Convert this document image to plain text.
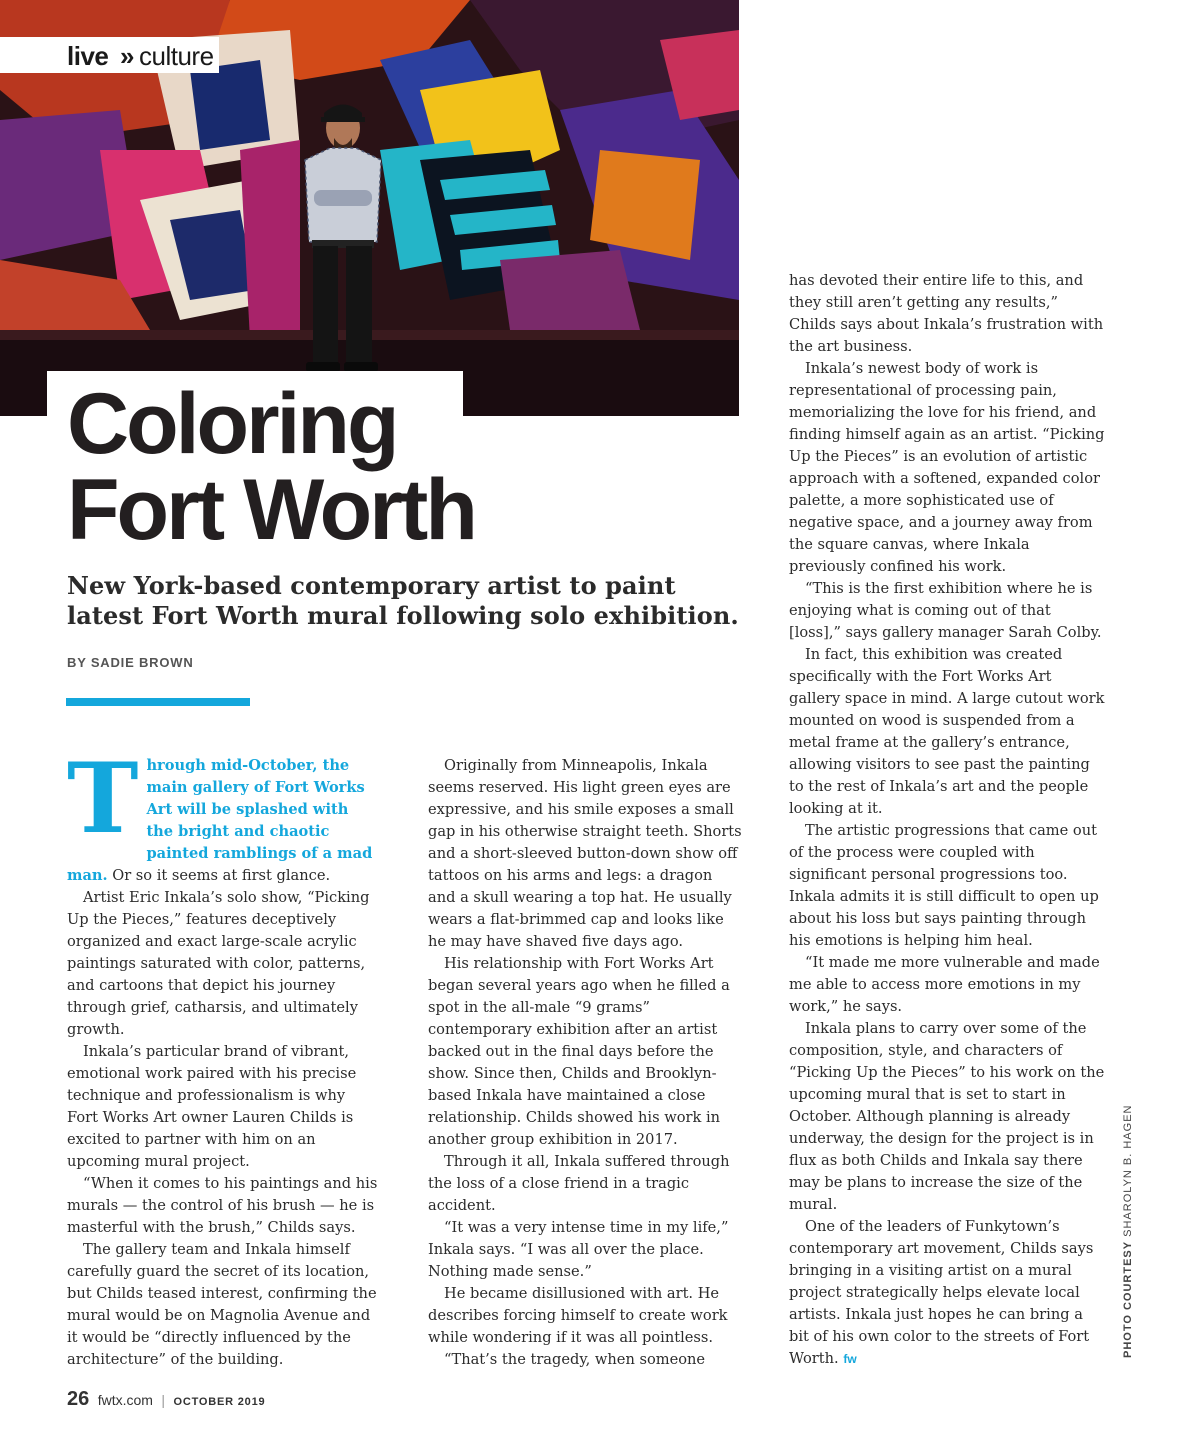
live » culture
Coloring
Fort Worth

New York-based contemporary artist to paint latest Fort Worth mural following solo exhibition.

BY SADIE BROWN

Through mid-October, the main gallery of Fort Works Art will be splashed with the bright and chaotic painted ramblings of a mad man. Or so it seems at first glance.

Artist Eric Inkala’s solo show, “Picking Up the Pieces,” features deceptively organized and exact large-scale acrylic paintings saturated with color, patterns, and cartoons that depict his journey through grief, catharsis, and ultimately growth.

Inkala’s particular brand of vibrant, emotional work paired with his precise technique and professionalism is why Fort Works Art owner Lauren Childs is excited to partner with him on an upcoming mural project.

“When it comes to his paintings and his murals — the control of his brush — he is masterful with the brush,” Childs says.

The gallery team and Inkala himself carefully guard the secret of its location, but Childs teased interest, confirming the mural would be on Magnolia Avenue and it would be “directly influenced by the architecture” of the building.

Originally from Minneapolis, Inkala seems reserved. His light green eyes are expressive, and his smile exposes a small gap in his otherwise straight teeth. Shorts and a short-sleeved button-down show off tattoos on his arms and legs: a dragon and a skull wearing a top hat. He usually wears a flat-brimmed cap and looks like he may have shaved five days ago.

His relationship with Fort Works Art began several years ago when he filled a spot in the all-male “9 grams” contemporary exhibition after an artist backed out in the final days before the show. Since then, Childs and Brooklyn-based Inkala have maintained a close relationship. Childs showed his work in another group exhibition in 2017.

Through it all, Inkala suffered through the loss of a close friend in a tragic accident.

“It was a very intense time in my life,” Inkala says. “I was all over the place. Nothing made sense.”

He became disillusioned with art. He describes forcing himself to create work while wondering if it was all pointless.

“That’s the tragedy, when someone

has devoted their entire life to this, and they still aren’t getting any results,” Childs says about Inkala’s frustration with the art business.

Inkala’s newest body of work is representational of processing pain, memorializing the love for his friend, and finding himself again as an artist. “Picking Up the Pieces” is an evolution of artistic approach with a softened, expanded color palette, a more sophisticated use of negative space, and a journey away from the square canvas, where Inkala previously confined his work.

“This is the first exhibition where he is enjoying what is coming out of that [loss],” says gallery manager Sarah Colby.

In fact, this exhibition was created specifically with the Fort Works Art gallery space in mind. A large cutout work mounted on wood is suspended from a metal frame at the gallery’s entrance, allowing visitors to see past the painting to the rest of Inkala’s art and the people looking at it.

The artistic progressions that came out of the process were coupled with significant personal progressions too. Inkala admits it is still difficult to open up about his loss but says painting through his emotions is helping him heal.

“It made me more vulnerable and made me able to access more emotions in my work,” he says.

Inkala plans to carry over some of the composition, style, and characters of “Picking Up the Pieces” to his work on the upcoming mural that is set to start in October. Although planning is already underway, the design for the project is in flux as both Childs and Inkala say there may be plans to increase the size of the mural.

One of the leaders of Funkytown’s contemporary art movement, Childs says bringing in a visiting artist on a mural project strategically helps elevate local artists. Inkala just hopes he can bring a bit of his own color to the streets of Fort Worth. fw

PHOTO COURTESY SHAROLYN B. HAGEN
26 fwtx.com | OCTOBER 2019
